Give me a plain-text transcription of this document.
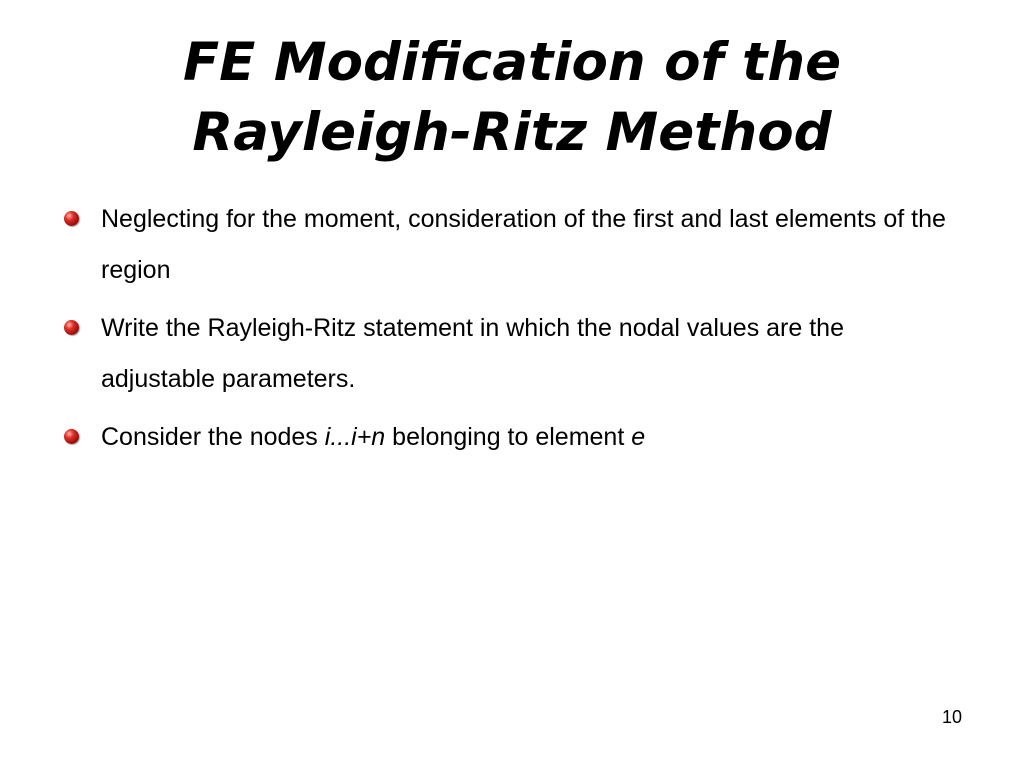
FE Modification of the
Rayleigh-Ritz Method
Neglecting for the moment, consideration of the first and last elements of the region
Write the Rayleigh-Ritz statement in which the nodal values are the adjustable parameters.
Consider the nodes i...i+n belonging to element e
10
